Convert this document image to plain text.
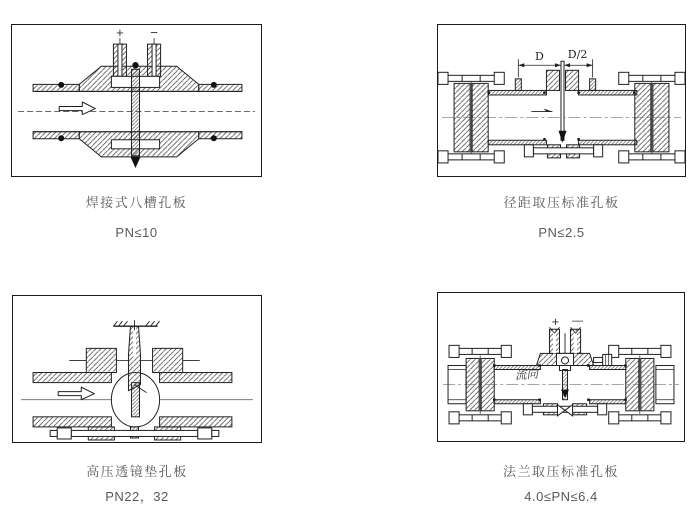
+ −
D D/2
+ —
流向
焊接式八槽孔板
PN≤10
径距取压标准孔板
PN≤2.5
高压透镜垫孔板
PN22，32
法兰取压标准孔板
4.0≤PN≤6.4
